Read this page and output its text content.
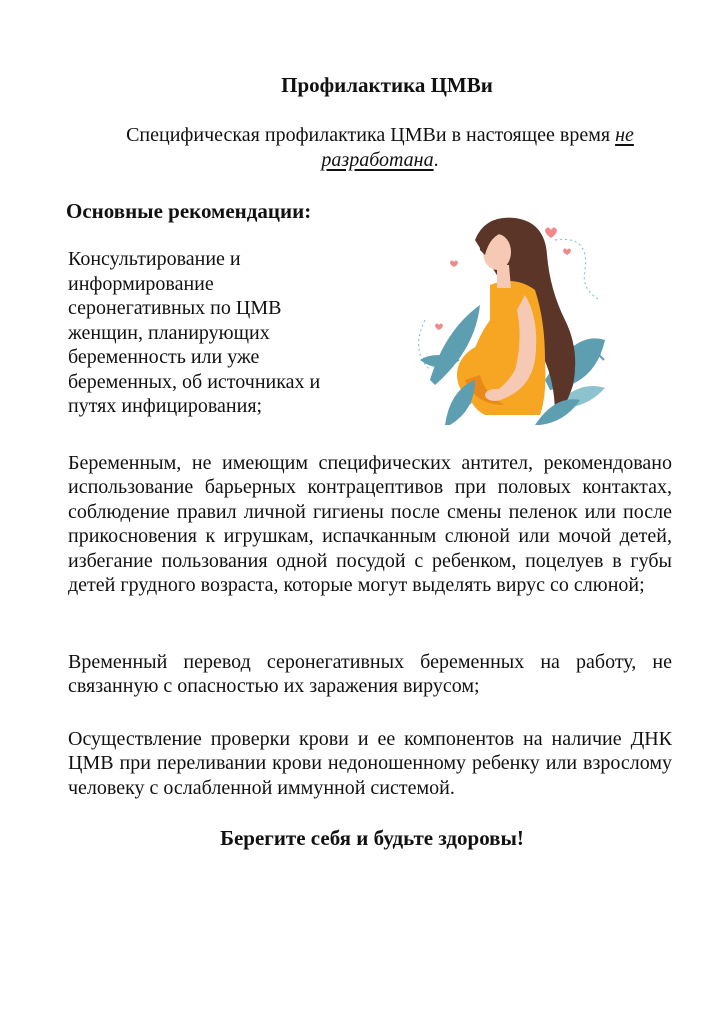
Профилактика ЦМВи
Специфическая профилактика ЦМВи в настоящее время не разработана.
Основные рекомендации:
Консультирование и информирование серонегативных по ЦМВ женщин, планирующих беременность или уже беременных, об источниках и путях инфицирования;
Беременным, не имеющим специфических антител, рекомендовано использование барьерных контрацептивов при половых контактах, соблюдение правил личной гигиены после смены пеленок или после прикосновения к игрушкам, испачканным слюной или мочой детей, избегание пользования одной посудой с ребенком, поцелуев в губы детей грудного возраста, которые могут выделять вирус со слюной;
Временный перевод серонегативных беременных на работу, не связанную с опасностью их заражения вирусом;
Осуществление проверки крови и ее компонентов на наличие ДНК ЦМВ при переливании крови недоношенному ребенку или взрослому человеку с ослабленной иммунной системой.
Берегите себя и будьте здоровы!
